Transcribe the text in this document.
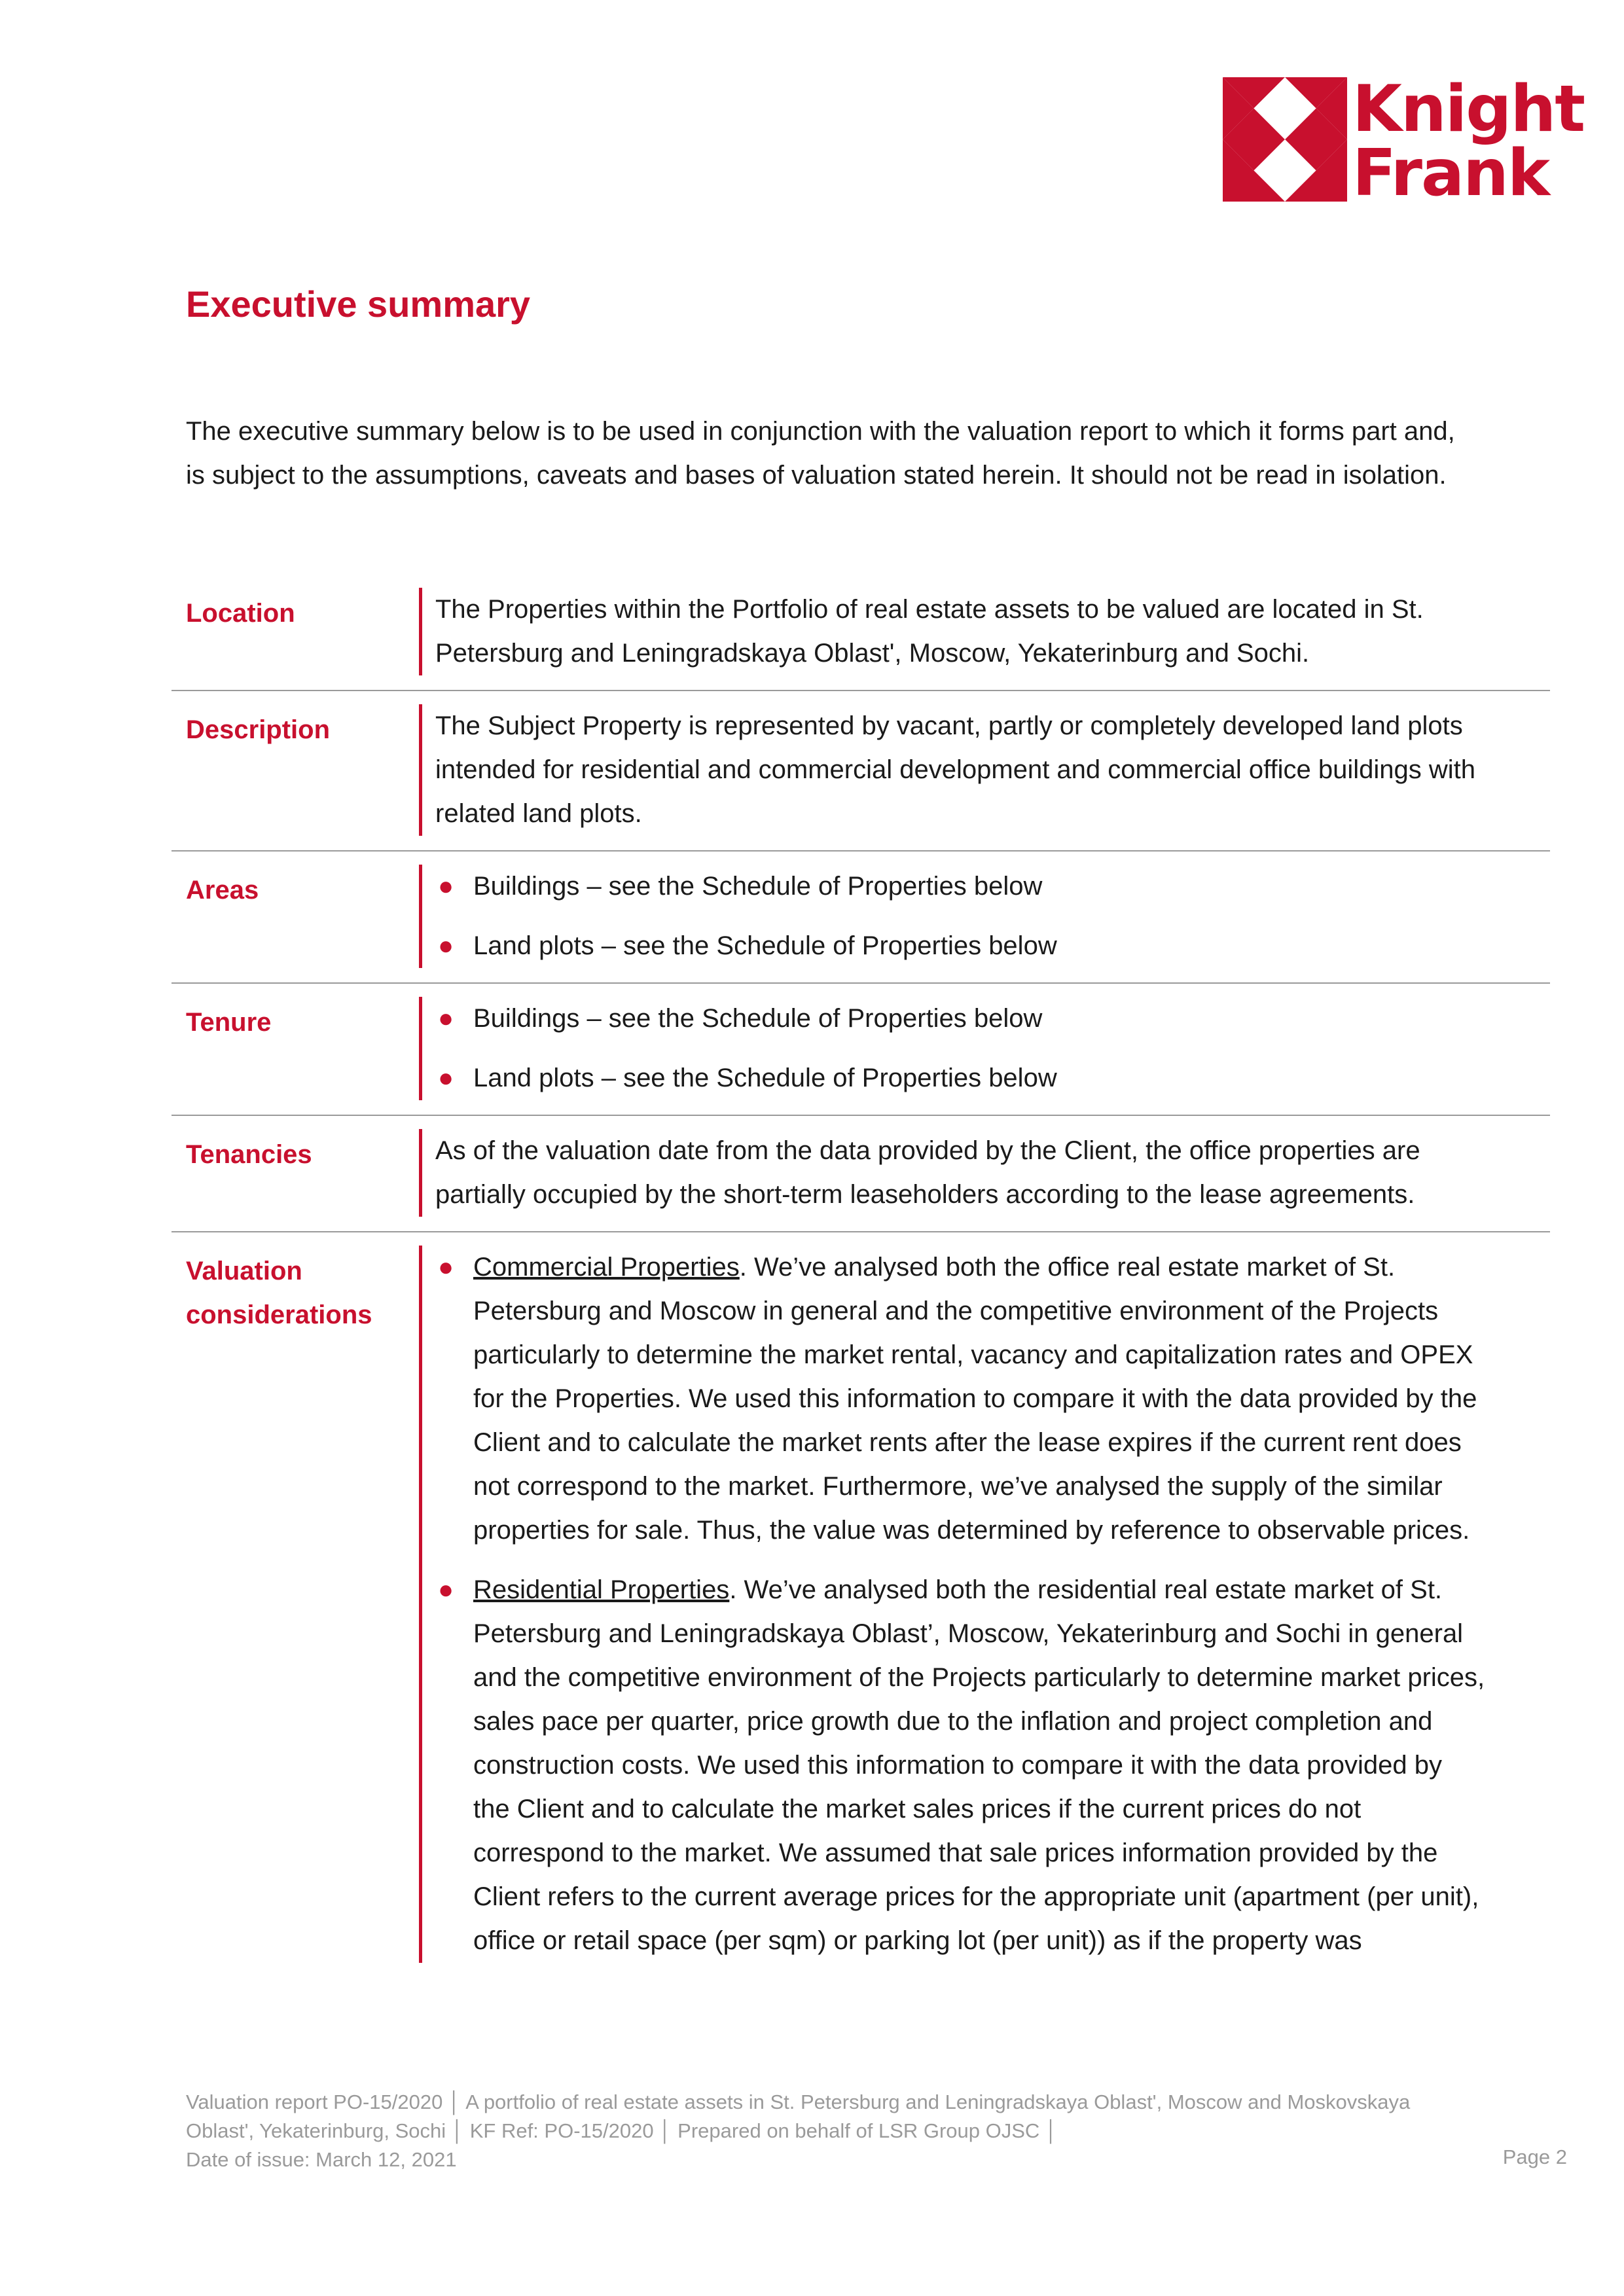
Knight
Frank
Executive summary
The executive summary below is to be used in conjunction with the valuation report to which it forms part and,
is subject to the assumptions, caveats and bases of valuation stated herein. It should not be read in isolation.
Location	The Properties within the Portfolio of real estate assets to be valued are located in St.
Petersburg and Leningradskaya Oblast', Moscow, Yekaterinburg and Sochi.
Description	The Subject Property is represented by vacant, partly or completely developed land plots
intended for residential and commercial development and commercial office buildings with
related land plots.
Areas	● Buildings – see the Schedule of Properties below
● Land plots – see the Schedule of Properties below
Tenure	● Buildings – see the Schedule of Properties below
● Land plots – see the Schedule of Properties below
Tenancies	As of the valuation date from the data provided by the Client, the office properties are
partially occupied by the short-term leaseholders according to the lease agreements.
Valuation
considerations
● Commercial Properties. We’ve analysed both the office real estate market of St.
Petersburg and Moscow in general and the competitive environment of the Projects
particularly to determine the market rental, vacancy and capitalization rates and OPEX
for the Properties. We used this information to compare it with the data provided by the
Client and to calculate the market rents after the lease expires if the current rent does
not correspond to the market. Furthermore, we’ve analysed the supply of the similar
properties for sale. Thus, the value was determined by reference to observable prices.
● Residential Properties. We’ve analysed both the residential real estate market of St.
Petersburg and Leningradskaya Oblast’, Moscow, Yekaterinburg and Sochi in general
and the competitive environment of the Projects particularly to determine market prices,
sales pace per quarter, price growth due to the inflation and project completion and
construction costs. We used this information to compare it with the data provided by
the Client and to calculate the market sales prices if the current prices do not
correspond to the market. We assumed that sale prices information provided by the
Client refers to the current average prices for the appropriate unit (apartment (per unit),
office or retail space (per sqm) or parking lot (per unit)) as if the property was
Valuation report PO-15/2020 │ A portfolio of real estate assets in St. Petersburg and Leningradskaya Oblast', Moscow and Moskovskaya
Oblast', Yekaterinburg, Sochi │ KF Ref: PO-15/2020 │ Prepared on behalf of LSR Group OJSC │
Date of issue: March 12, 2021	Page 2
